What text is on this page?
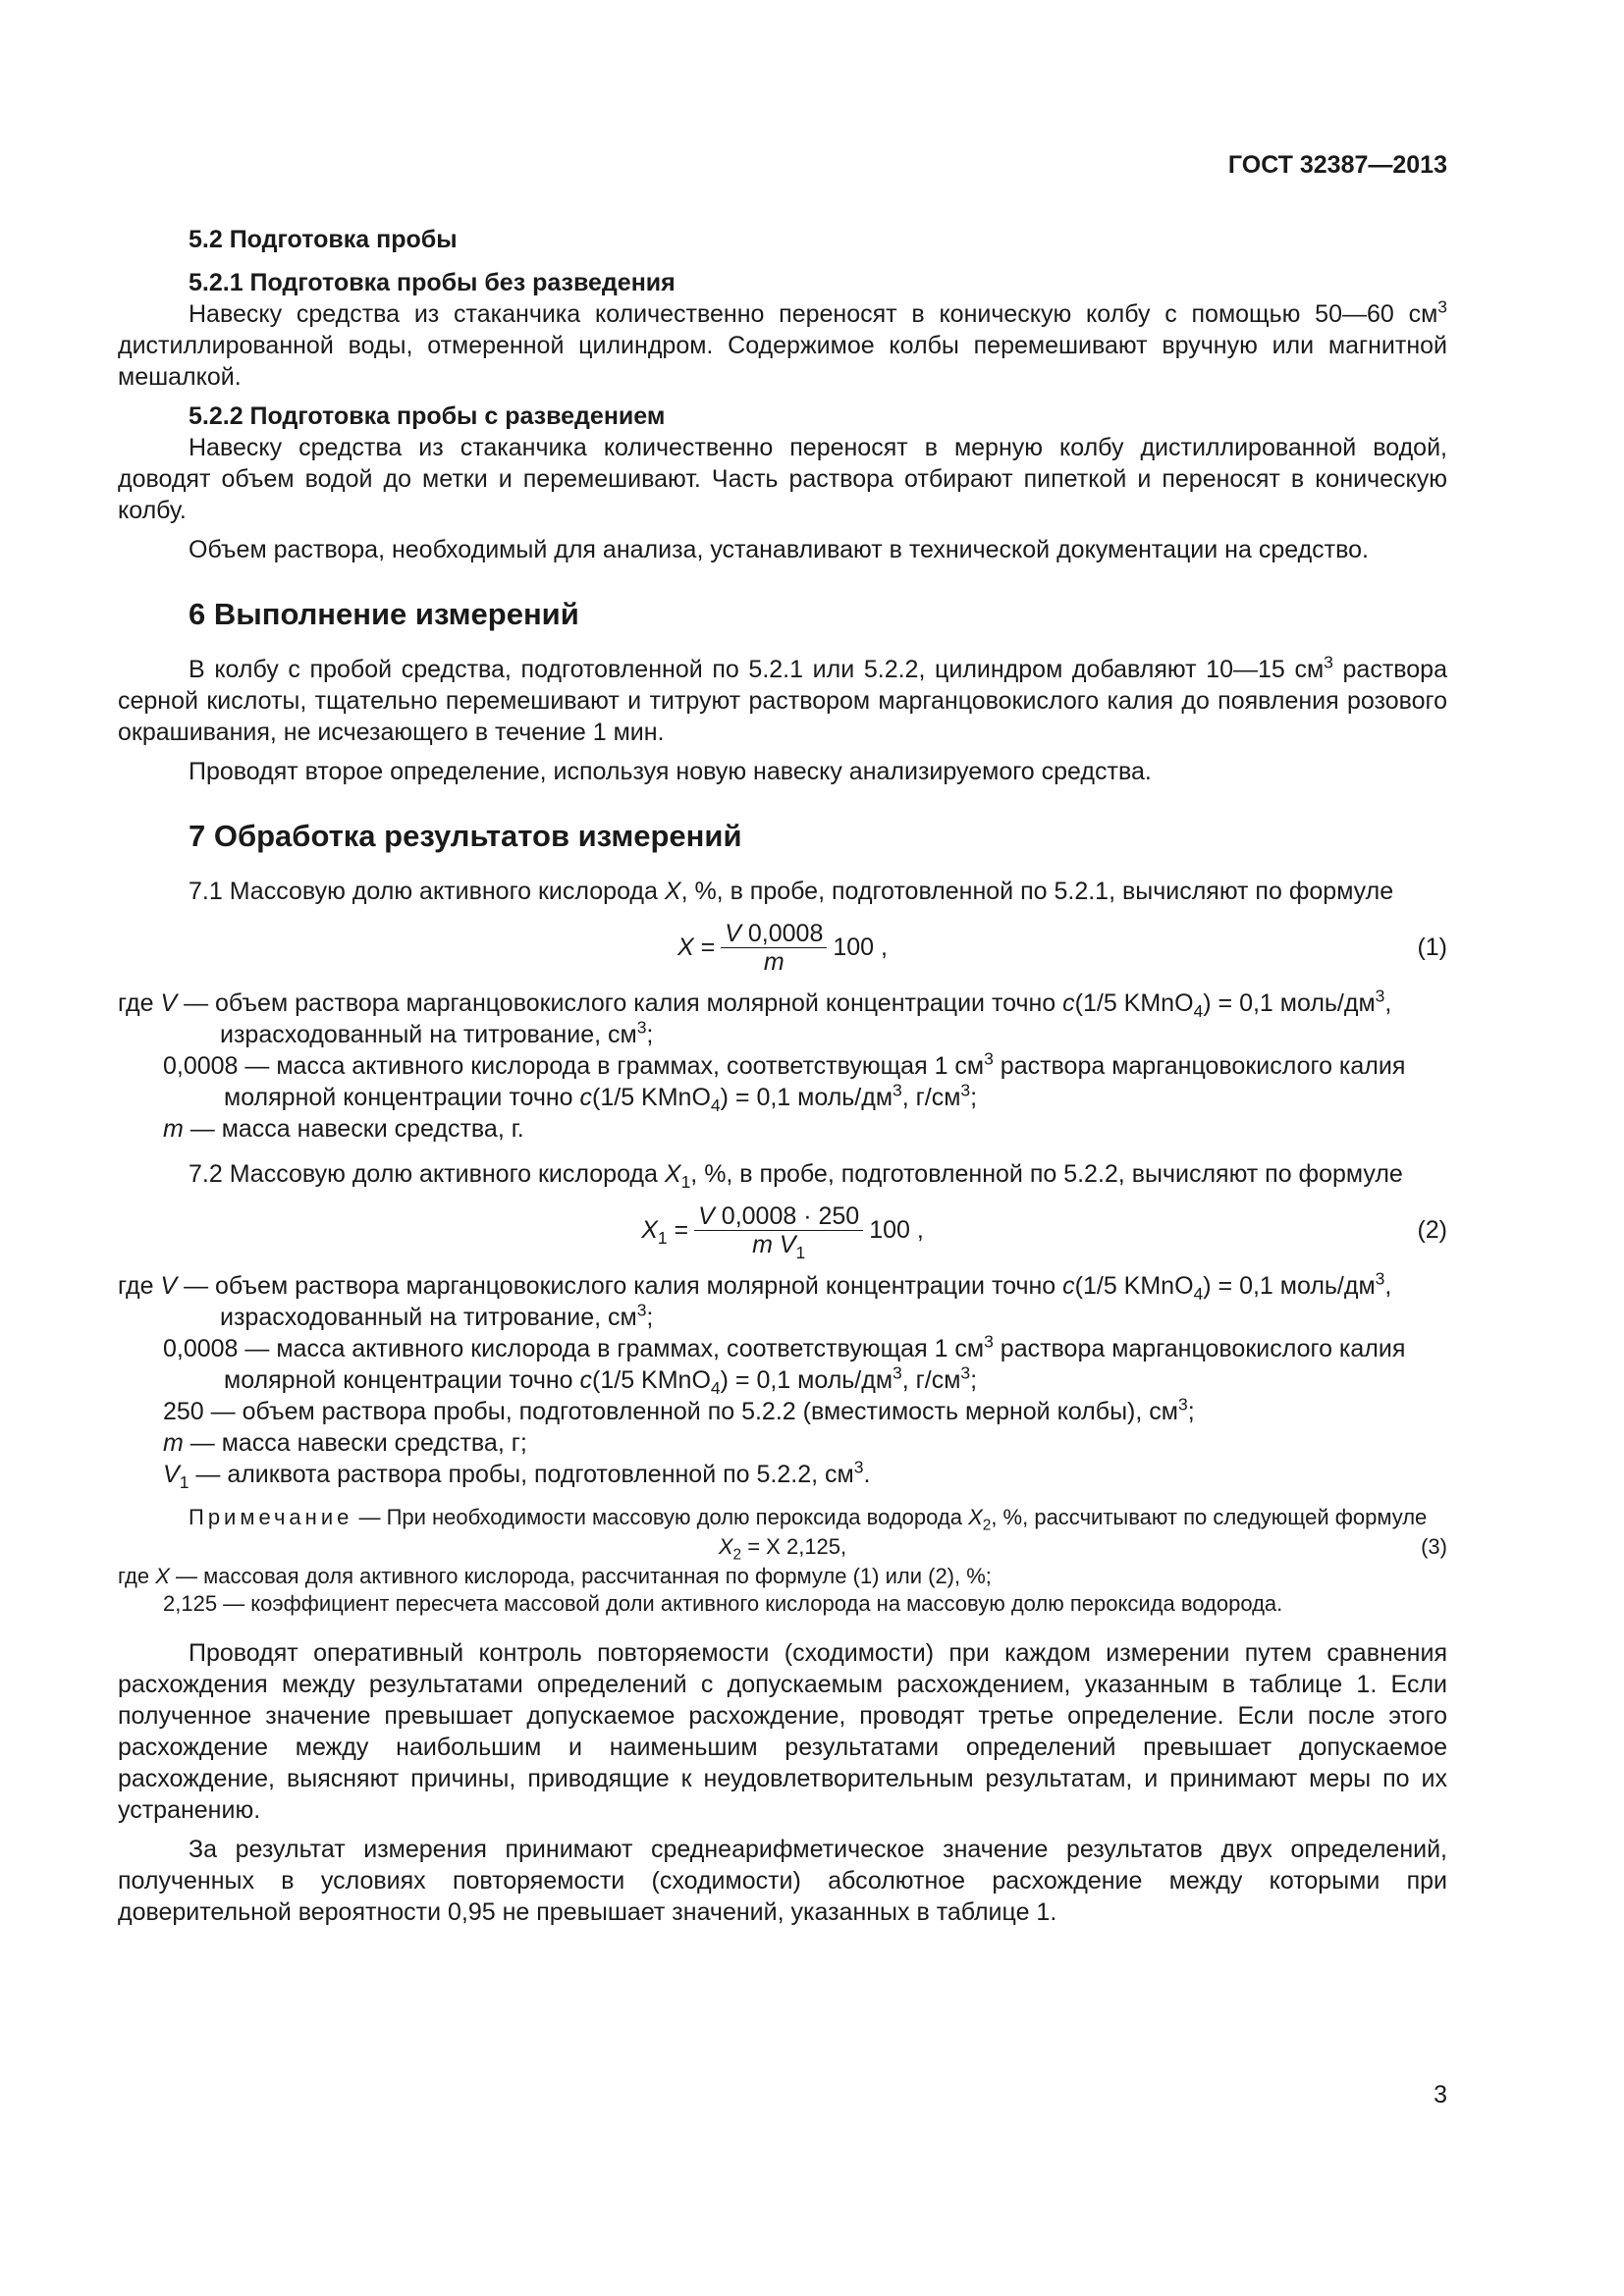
ГОСТ 32387—2013

5.2 Подготовка пробы

5.2.1 Подготовка пробы без разведения

Навеску средства из стаканчика количественно переносят в коническую колбу с помощью 50—60 $см^3$ дистиллированной воды, отмеренной цилиндром. Содержимое колбы перемешивают вручную или магнитной мешалкой.

5.2.2 Подготовка пробы с разведением

Навеску средства из стаканчика количественно переносят в мерную колбу дистиллированной водой, доводят объем водой до метки и перемешивают. Часть раствора отбирают пипеткой и переносят в коническую колбу.

Объем раствора, необходимый для анализа, устанавливают в технической документации на средство.

6 Выполнение измерений

В колбу с пробой средства, подготовленной по 5.2.1 или 5.2.2, цилиндром добавляют 10—15 $см^3$ раствора серной кислоты, тщательно перемешивают и титруют раствором марганцовокислого калия до появления розового окрашивания, не исчезающего в течение 1 мин.

Проводят второе определение, используя новую навеску анализируемого средства.

7 Обработка результатов измерений

7.1 Массовую долю активного кислорода X, %, в пробе, подготовленной по 5.2.1, вычисляют по формуле

$X = \frac{V 0,0008}{m} 100$ ,	(1)

где V — объем раствора марганцовокислого калия молярной концентрации точно c(1/5 KMnO$_4$) = 0,1 моль/$дм^3$, израсходованный на титрование, $см^3$;

0,0008 — масса активного кислорода в граммах, соответствующая 1 $см^3$ раствора марганцовокислого калия молярной концентрации точно c(1/5 KMnO$_4$) = 0,1 моль/$дм^3$, $г/см^3$;

m — масса навески средства, г.

7.2 Массовую долю активного кислорода $X_1$, %, в пробе, подготовленной по 5.2.2, вычисляют по формуле

$X_1 = \frac{V 0,0008 \cdot 250}{m V_1} 100$ ,	(2)

где V — объем раствора марганцовокислого калия молярной концентрации точно c(1/5 KMnO$_4$) = 0,1 моль/$дм^3$, израсходованный на титрование, $см^3$;

0,0008 — масса активного кислорода в граммах, соответствующая 1 $см^3$ раствора марганцовокислого калия молярной концентрации точно c(1/5 KMnO$_4$) = 0,1 моль/$дм^3$, $г/см^3$;

250 — объем раствора пробы, подготовленной по 5.2.2 (вместимость мерной колбы), $см^3$;

m — масса навески средства, г;

$V_1$ — аликвота раствора пробы, подготовленной по 5.2.2, $см^3$.

Примечание — При необходимости массовую долю пероксида водорода $X_2$, %, рассчитывают по следующей формуле

$X_2 = X$ 2,125,	(3)

где X — массовая доля активного кислорода, рассчитанная по формуле (1) или (2), %;

2,125 — коэффициент пересчета массовой доли активного кислорода на массовую долю пероксида водорода.

Проводят оперативный контроль повторяемости (сходимости) при каждом измерении путем сравнения расхождения между результатами определений с допускаемым расхождением, указанным в таблице 1. Если полученное значение превышает допускаемое расхождение, проводят третье определение. Если после этого расхождение между наибольшим и наименьшим результатами определений превышает допускаемое расхождение, выясняют причины, приводящие к неудовлетворительным результатам, и принимают меры по их устранению.

За результат измерения принимают среднеарифметическое значение результатов двух определений, полученных в условиях повторяемости (сходимости) абсолютное расхождение между которыми при доверительной вероятности 0,95 не превышает значений, указанных в таблице 1.

3
